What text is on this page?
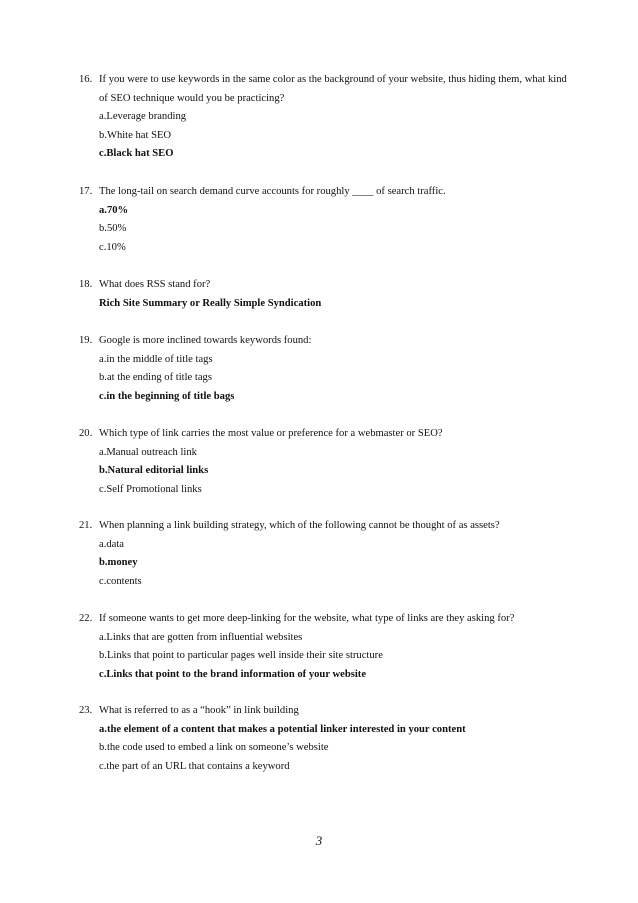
16. If you were to use keywords in the same color as the background of your website, thus hiding them, what kind
of SEO technique would you be practicing?
a.Leverage branding
b.White hat SEO
c.Black hat SEO
17. The long-tail on search demand curve accounts for roughly ____ of search traffic.
a.70%
b.50%
c.10%
18. What does RSS stand for?
Rich Site Summary or Really Simple Syndication
19. Google is more inclined towards keywords found:
a.in the middle of title tags
b.at the ending of title tags
c.in the beginning of title bags
20. Which type of link carries the most value or preference for a webmaster or SEO?
a.Manual outreach link
b.Natural editorial links
c.Self Promotional links
21. When planning a link building strategy, which of the following cannot be thought of as assets?
a.data
b.money
c.contents
22. If someone wants to get more deep-linking for the website, what type of links are they asking for?
a.Links that are gotten from influential websites
b.Links that point to particular pages well inside their site structure
c.Links that point to the brand information of your website
23. What is referred to as a “hook” in link building
a.the element of a content that makes a potential linker interested in your content
b.the code used to embed a link on someone’s website
c.the part of an URL that contains a keyword
3
